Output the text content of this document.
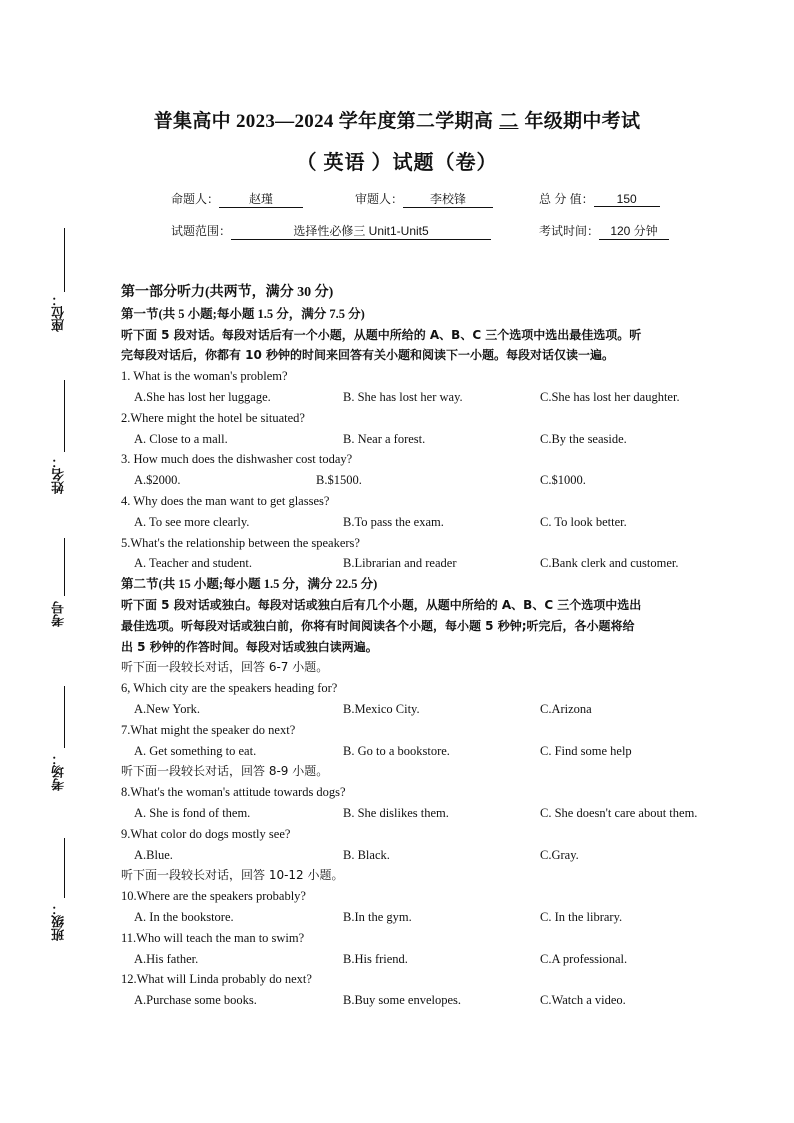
普集高中 2023—2024 学年度第二学期高 二 年级期中考试
（ 英语 ）试题（卷）
命题人： 赵瑾	审题人： 李校锋	总 分 值： 150
试题范围：	选择性必修三 Unit1-Unit5	考试时间： 120 分钟
座位：
姓名：
考号
考场：
班级：
第一部分听力(共两节，满分 30 分)
第一节(共 5 小题;每小题 1.5 分，满分 7.5 分)
听下面 5 段对话。每段对话后有一个小题，从题中所给的 A、B、C 三个选项中选出最佳选项。听
完每段对话后，你都有 10 秒钟的时间来回答有关小题和阅读下一小题。每段对话仅读一遍。
1. What is the woman's problem?
A.She has lost her luggage.	B. She has lost her way.	C.She has lost her daughter.
2.Where might the hotel be situated?
A. Close to a mall.	B. Near a forest.	C.By the seaside.
3. How much does the dishwasher cost today?
A.$2000.	B.$1500.	C.$1000.
4. Why does the man want to get glasses?
A. To see more clearly.	B.To pass the exam.	C. To look better.
5.What's the relationship between the speakers?
A. Teacher and student.	B.Librarian and reader	C.Bank clerk and customer.
第二节(共 15 小题;每小题 1.5 分，满分 22.5 分)
听下面 5 段对话或独白。每段对话或独白后有几个小题，从题中所给的 A、B、C 三个选项中选出
最佳选项。听每段对话或独白前，你将有时间阅读各个小题，每小题 5 秒钟;听完后，各小题将给
出 5 秒钟的作答时间。每段对话或独白读两遍。
听下面一段较长对话，回答 6-7 小题。
6, Which city are the speakers heading for?
A.New York.	B.Mexico City.	C.Arizona
7.What might the speaker do next?
A. Get something to eat.	B. Go to a bookstore.	C. Find some help
听下面一段较长对话，回答 8-9 小题。
8.What's the woman's attitude towards dogs?
A. She is fond of them.	B. She dislikes them.	C. She doesn't care about them.
9.What color do dogs mostly see?
A.Blue.	B. Black.	C.Gray.
听下面一段较长对话，回答 10-12 小题。
10.Where are the speakers probably?
A. In the bookstore.	B.In the gym.	C. In the library.
11.Who will teach the man to swim?
A.His father.	B.His friend.	C.A professional.
12.What will Linda probably do next?
A.Purchase some books.	B.Buy some envelopes.	C.Watch a video.
